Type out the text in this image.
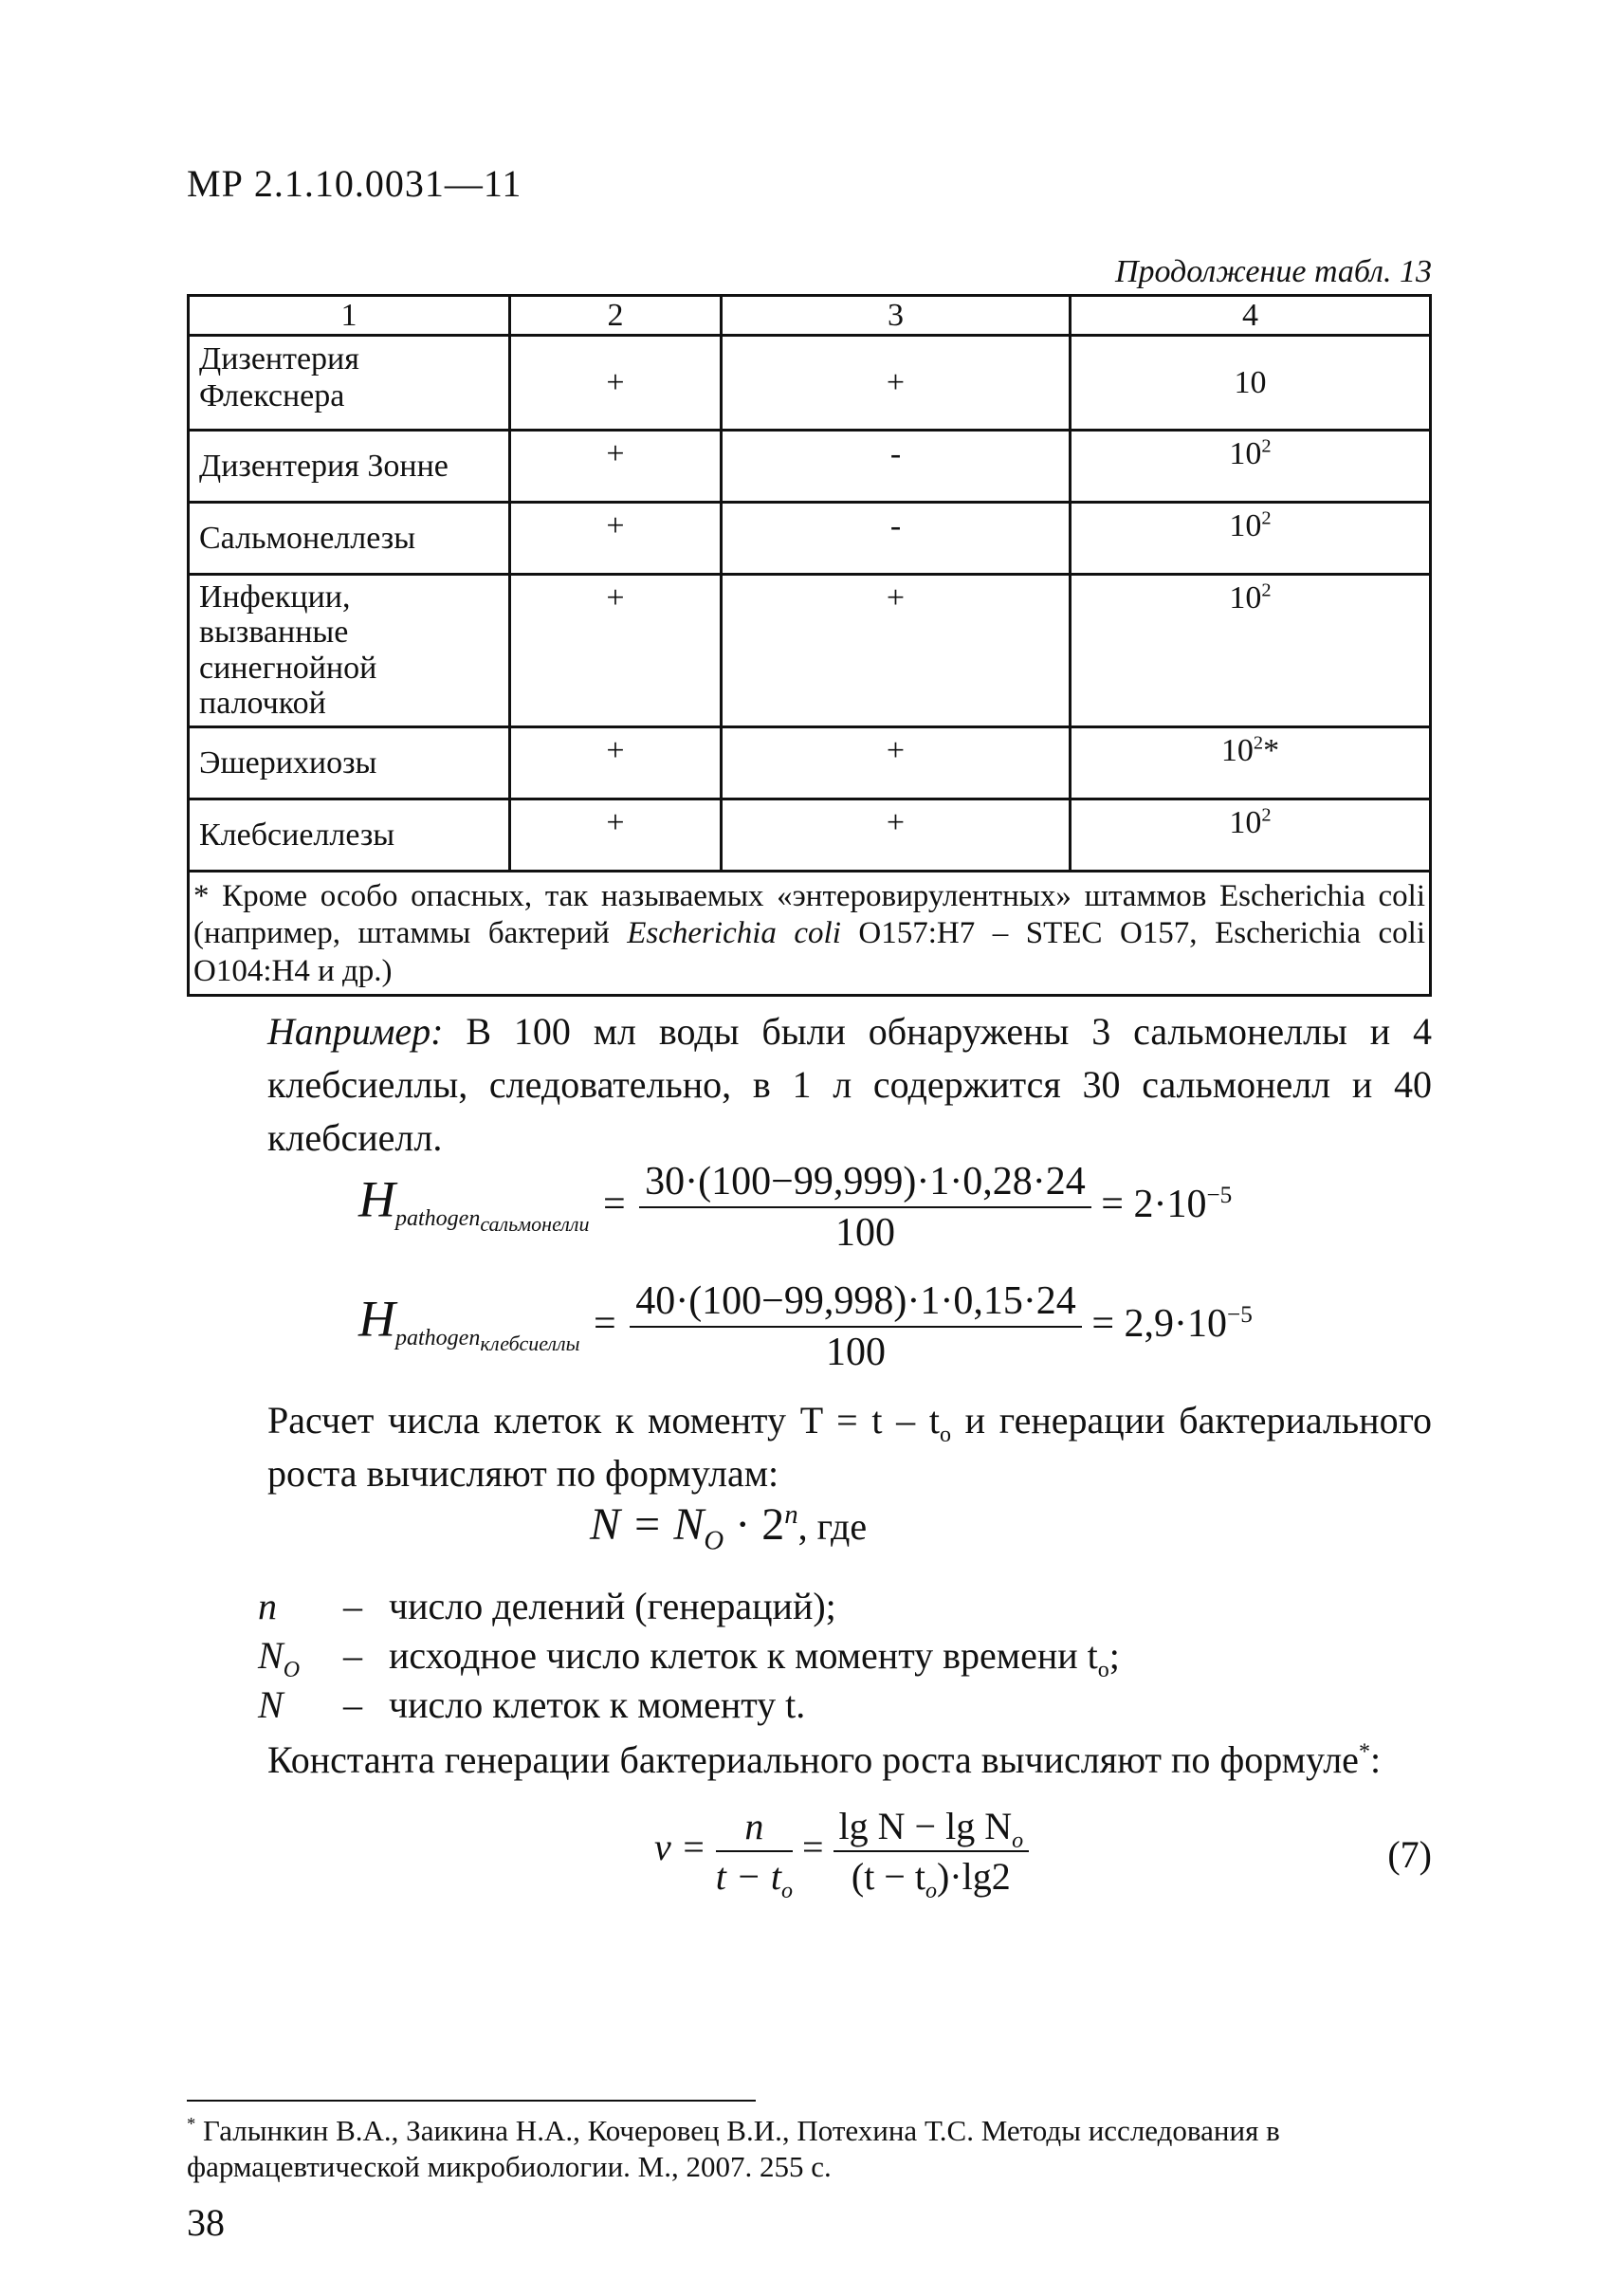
МР 2.1.10.0031—11
Продолжение табл. 13
1	2	3	4
Дизентерия Флекснера	+	+	10
Дизентерия Зонне	+	-	$10^2$
Сальмонеллезы	+	-	$10^2$
Инфекции, вызванные синегнойной палочкой	+	+	$10^2$
Эшерихиозы	+	+	$10^2*$
Клебсиеллезы	+	+	$10^2$
* Кроме особо опасных, так называемых «энтеровирулентных» штаммов Escherichia coli (например, штаммы бактерий Escherichia coli O157:H7 – STEC O157, Escherichia coli O104:H4 и др.)			
Например: В 100 мл воды были обнаружены 3 сальмонеллы и 4 клебсиеллы, следовательно, в 1 л содержится 30 сальмонелл и 40 клебсиелл.
$H_{pathogen_{сальмонелли}} = \frac{30\cdot(100-99,999)\cdot 1\cdot 0,28\cdot 24}{100} = 2\cdot 10^{-5}$
$H_{pathogen_{клебсиеллы}} = \frac{40\cdot(100-99,998)\cdot 1\cdot 0,15\cdot 24}{100} = 2,9\cdot 10^{-5}$
Расчет числа клеток к моменту $T = t - t_о$ и генерации бактериального роста вычисляют по формулам:
$N = N_O \cdot 2^n$, где
n	– число делений (генераций);
$N_O$	– исходное число клеток к моменту времени $t_о$;
N	– число клеток к моменту t.
Константа генерации бактериального роста вычисляют по формуле*:
$\nu = \frac{n}{t - t_o} = \frac{\lg N - \lg N_o}{(t - t_o)\cdot\lg 2}$	(7)
* Галынкин В.А., Заикина Н.А., Кочеровец В.И., Потехина Т.С. Методы исследования в фармацевтической микробиологии. М., 2007. 255 с.
38
